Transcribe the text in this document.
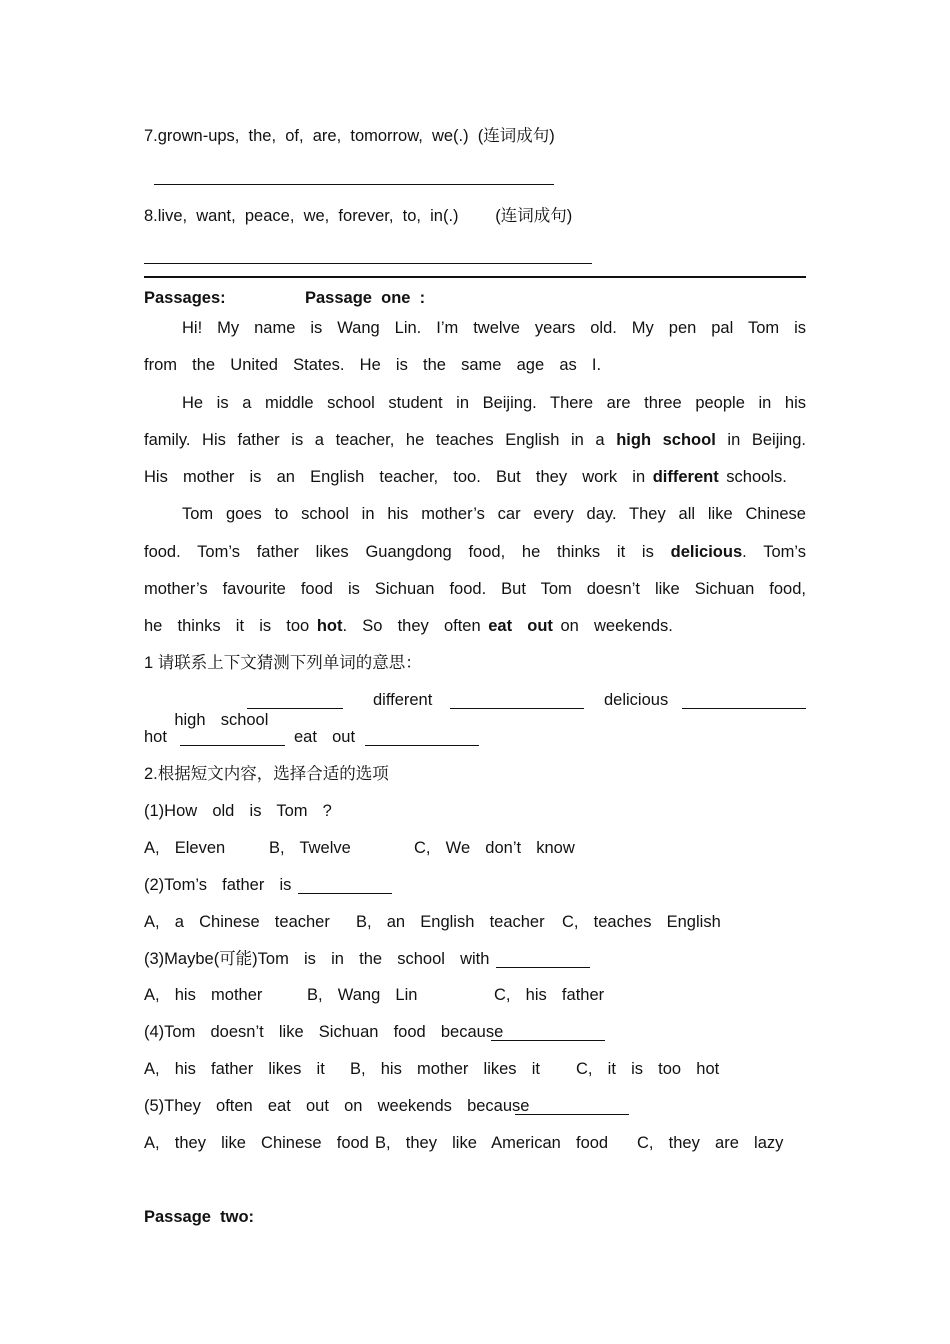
7.grown-ups,  the,  of,  are,  tomorrow,  we(.)  (连词成句)
8.live,  want,  peace,  we,  forever,  to,  in(.)        (连词成句)
Passages:	Passage  one  :
Hi! My name is Wang Lin. I’m twelve years old. My pen pal Tom is
from  the  United  States.  He  is  the  same  age  as  I.
He is a middle school student in Beijing. There are three people in his
family. His father is a teacher, he teaches English in a high school in Beijing.
His  mother  is  an  English  teacher,  too.  But  they  work  in different schools.
Tom goes to school in his mother’s car every day. They all like Chinese
food. Tom’s father likes Guangdong food, he thinks it is delicious. Tom’s
mother’s favourite food is Sichuan food. But Tom doesn’t like Sichuan food,
he  thinks  it  is  too hot.  So  they  often eat  out on  weekends.
1 请联系上下文猜测下列单词的意思：

high  school

different	delicious
hot	eat  out
2.根据短文内容，选择合适的选项
(1)How  old  is  Tom  ?
A,  Eleven	B,  Twelve	C,  We  don’t  know
(2)Tom’s  father  is
A,  a  Chinese  teacher B,  an  English  teacher C,  teaches  English
(3)Maybe(可能)Tom  is  in  the  school  with
A,  his  mother	B,  Wang  Lin	C,  his  father
(4)Tom  doesn’t  like  Sichuan  food  because
A,  his  father  likes  it B,  his  mother  likes  it C,  it  is  too  hot
(5)They  often  eat  out  on  weekends  because
A,  they  like  Chinese  food B,  they  like  American  food C,  they  are  lazy
Passage  two:
